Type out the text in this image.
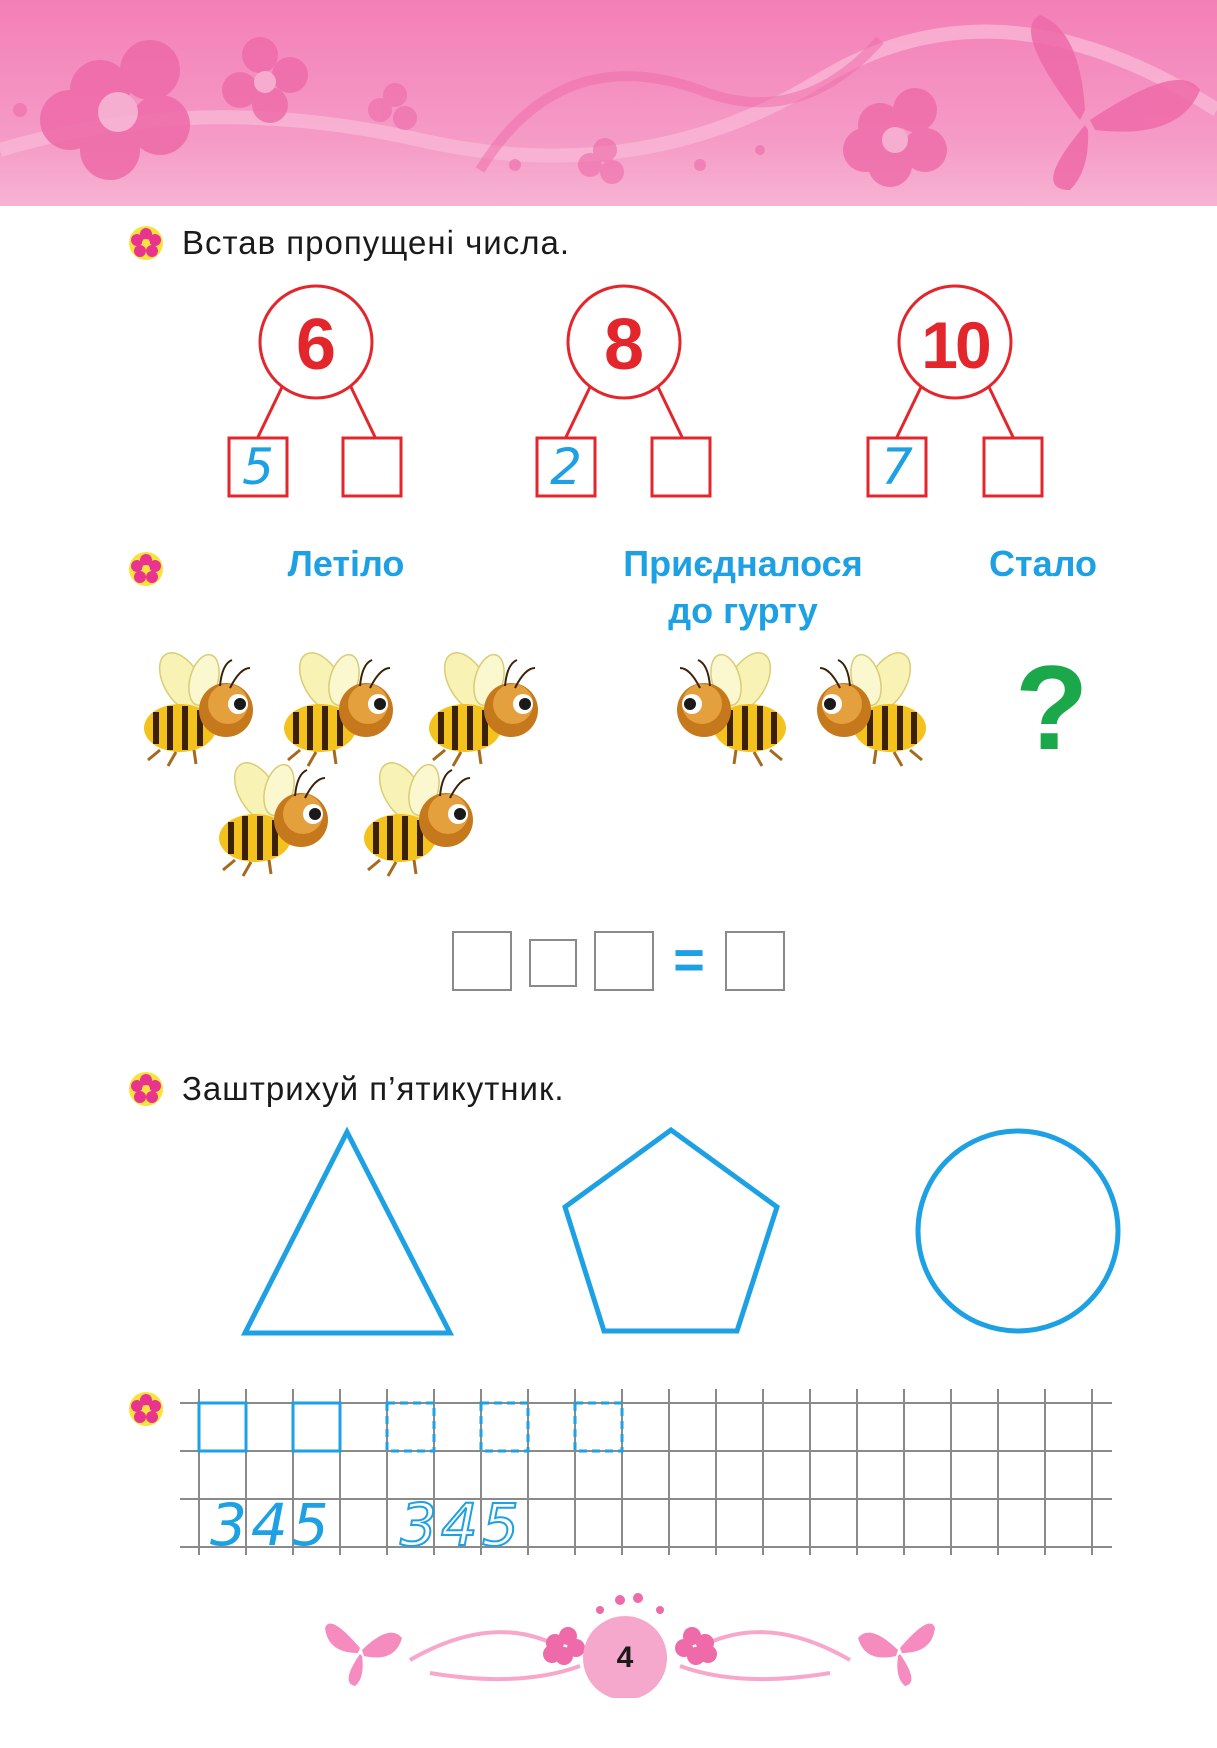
Встав пропущені числа.
6	8	10
5	2	7
Летіло	Приєдналося
до гурту
Стало
?
=
Заштрихуй п’ятикутник.
345	345
4
